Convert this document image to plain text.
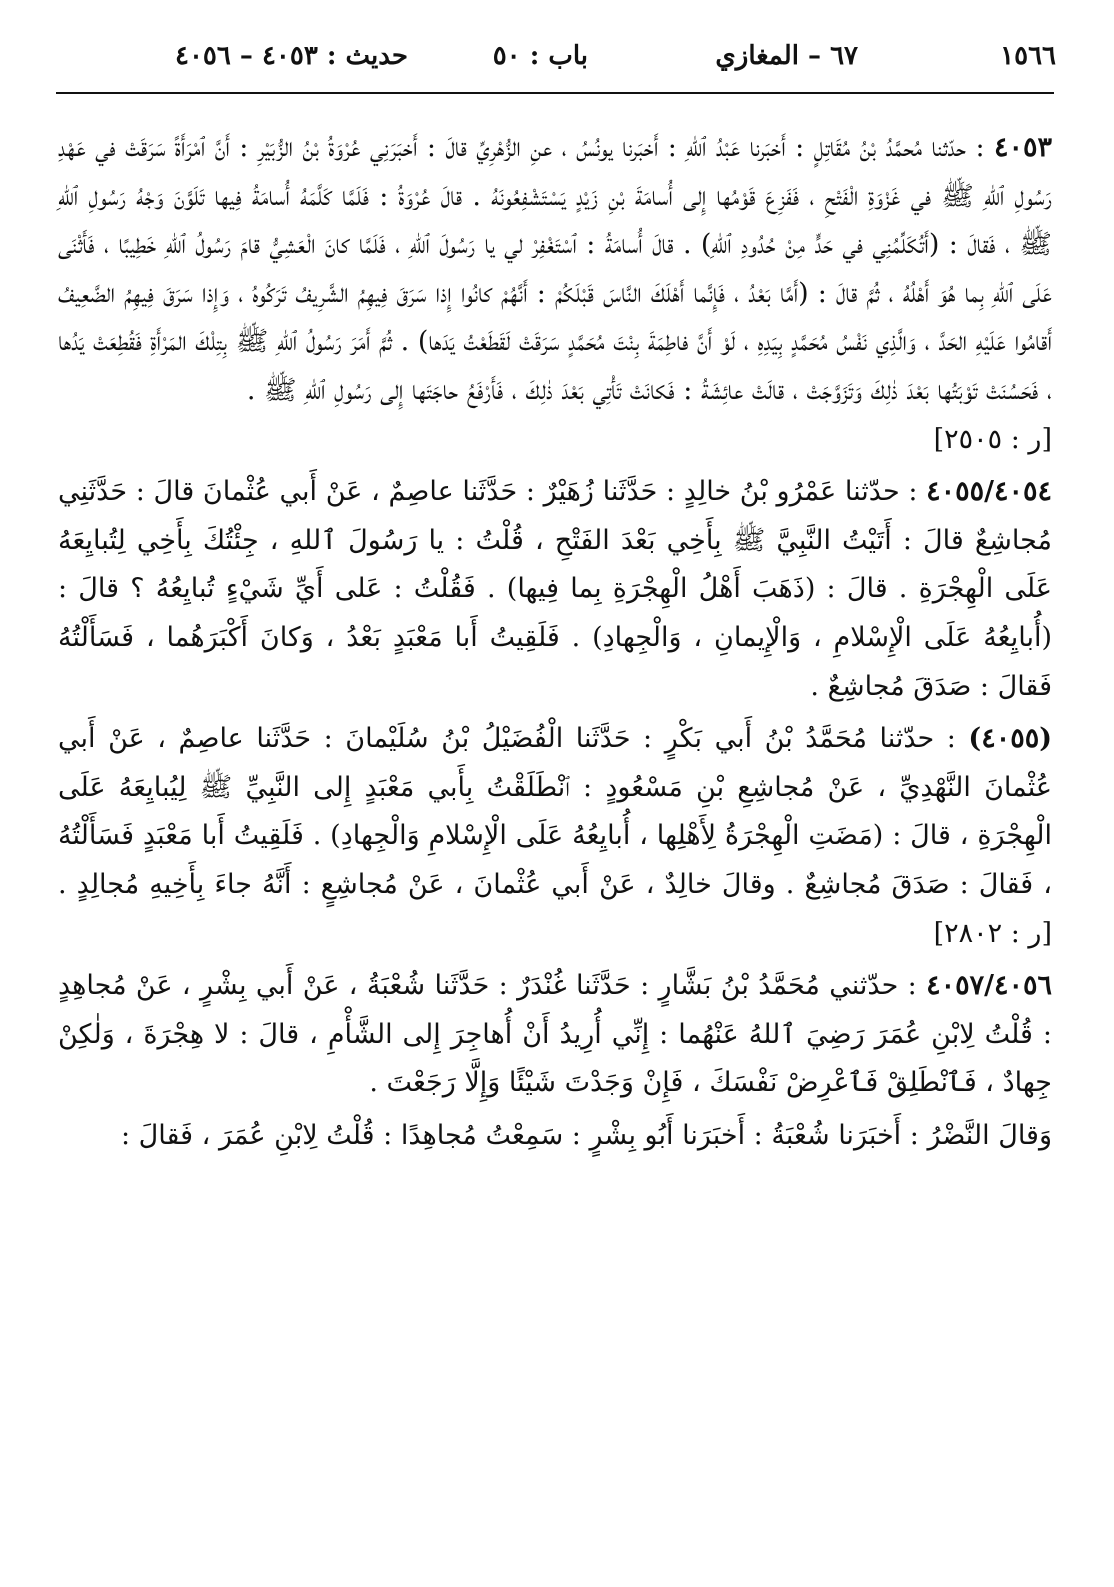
١٥٦٦
٦٧ – المغازي
باب : ٥٠
حديث : ٤٠٥٣ – ٤٠٥٦

٤٠٥٣ : حدّثنا مُحمَّدُ بْنُ مُقَاتِلٍ : أَخبَرنا عَبْدُ ٱللهِ : أَخبَرنا يونُسُ ، عنِ الزُّهْرِيِّ قالَ : أَخبَرَنِي عُرْوَةُ بْنُ الزُّبَيْرِ : أَنَّ ٱمْرَأَةً سَرَقَتْ في عَهْدِ رَسُولِ ٱللهِ ﷺ في غَزْوَةِ الْفَتْحِ ، فَفَزِعَ قَوْمُها إِلى أُسامَةَ بْنِ زَيْدٍ يَسْتَشْفِعُونَهُ . قالَ عُرْوَةُ : فَلَمَّا كَلَّمَهُ أُسامَةُ فِيها تَلَوَّنَ وَجْهُ رَسُولِ ٱللهِ ﷺ ، فَقالَ : (أَتُكَلِّمُنِي في حَدٍّ مِنْ حُدُودِ ٱللهِ) . قالَ أُسامَةُ : ٱسْتَغْفِرْ لي يا رَسُولَ ٱللهِ ، فَلَمَّا كانَ الْعَشِيُّ قامَ رَسُولُ ٱللهِ خَطِيبًا ، فَأَثْنَى عَلَى ٱللهِ بِما هُوَ أَهْلُهُ ، ثُمَّ قالَ : (أَمَّا بَعْدُ ، فَإِنَّما أَهْلَكَ النَّاسَ قَبْلَكُمْ : أَنَّهُمْ كانُوا إِذا سَرَقَ فِيهِمُ الشَّرِيفُ تَرَكُوهُ ، وَإِذا سَرَقَ فِيهِمُ الضَّعِيفُ أَقامُوا عَلَيْهِ الحَدَّ ، وَالَّذِي نَفْسُ مُحَمَّدٍ بِيَدِهِ ، لَوْ أَنَّ فاطِمَةَ بِنْتَ مُحَمَّدٍ سَرَقَتْ لَقَطَعْتُ يَدَها) . ثُمَّ أَمَرَ رَسُولُ ٱللهِ ﷺ بِتِلْكَ المَرْأَةِ فَقُطِعَتْ يَدُها ، فَحَسُنَتْ تَوْبَتُها بَعْدَ ذٰلِكَ وَتَزَوَّجَتْ ، قالَتْ عائِشَةُ : فَكانَتْ تَأْتِي بَعْدَ ذٰلِكَ ، فَأَرْفَعُ حاجَتَها إِلى رَسُولِ ٱللهِ ﷺ .
[ر : ٢٥٠٥]

٤٠٥٥/٤٠٥٤ : حدّثنا عَمْرُو بْنُ خالِدٍ : حَدَّثَنا زُهَيْرٌ : حَدَّثَنا عاصِمٌ ، عَنْ أَبي عُثْمانَ قالَ : حَدَّثَنِي مُجاشِعٌ قالَ : أَتَيْتُ النَّبِيَّ ﷺ بِأَخِي بَعْدَ الفَتْحِ ، قُلْتُ : يا رَسُولَ ٱللهِ ، جِئْتُكَ بِأَخِي لِتُبايِعَهُ عَلَى الْهِجْرَةِ . قالَ : (ذَهَبَ أَهْلُ الْهِجْرَةِ بِما فِيها) . فَقُلْتُ : عَلى أَيِّ شَيْءٍ تُبايِعُهُ ؟ قالَ : (أُبايِعُهُ عَلَى الْإِسْلامِ ، وَالْإِيمانِ ، وَالْجِهادِ) . فَلَقِيتُ أَبا مَعْبَدٍ بَعْدُ ، وَكانَ أَكْبَرَهُما ، فَسَأَلْتُهُ فَقالَ : صَدَقَ مُجاشِعٌ .

(٤٠٥٥) : حدّثنا مُحَمَّدُ بْنُ أَبي بَكْرٍ : حَدَّثَنا الْفُضَيْلُ بْنُ سُلَيْمانَ : حَدَّثَنا عاصِمٌ ، عَنْ أَبي عُثْمانَ النَّهْدِيِّ ، عَنْ مُجاشِعِ بْنِ مَسْعُودٍ : ٱنْطَلَقْتُ بِأَبي مَعْبَدٍ إِلى النَّبِيِّ ﷺ لِيُبايِعَهُ عَلَى الْهِجْرَةِ ، قالَ : (مَضَتِ الْهِجْرَةُ لِأَهْلِها ، أُبايِعُهُ عَلَى الْإِسْلامِ وَالْجِهادِ) . فَلَقِيتُ أَبا مَعْبَدٍ فَسَأَلْتُهُ ، فَقالَ : صَدَقَ مُجاشِعٌ . وقالَ خالِدٌ ، عَنْ أَبي عُثْمانَ ، عَنْ مُجاشِعٍ : أَنَّهُ جاءَ بِأَخِيهِ مُجالِدٍ . [ر : ٢٨٠٢]

٤٠٥٧/٤٠٥٦ : حدّثني مُحَمَّدُ بْنُ بَشَّارٍ : حَدَّثَنا غُنْدَرٌ : حَدَّثَنا شُعْبَةُ ، عَنْ أَبي بِشْرٍ ، عَنْ مُجاهِدٍ : قُلْتُ لِابْنِ عُمَرَ رَضِيَ ٱللهُ عَنْهُما : إِنِّي أُرِيدُ أَنْ أُهاجِرَ إِلى الشَّأْمِ ، قالَ : لا هِجْرَةَ ، وَلٰكِنْ جِهادٌ ، فَٱنْطَلِقْ فَٱعْرِضْ نَفْسَكَ ، فَإِنْ وَجَدْتَ شَيْئًا وَإِلَّا رَجَعْتَ .

وَقالَ النَّضْرُ : أَخبَرَنا شُعْبَةُ : أَخبَرَنا أَبُو بِشْرٍ : سَمِعْتُ مُجاهِدًا : قُلْتُ لِابْنِ عُمَرَ ، فَقالَ :
